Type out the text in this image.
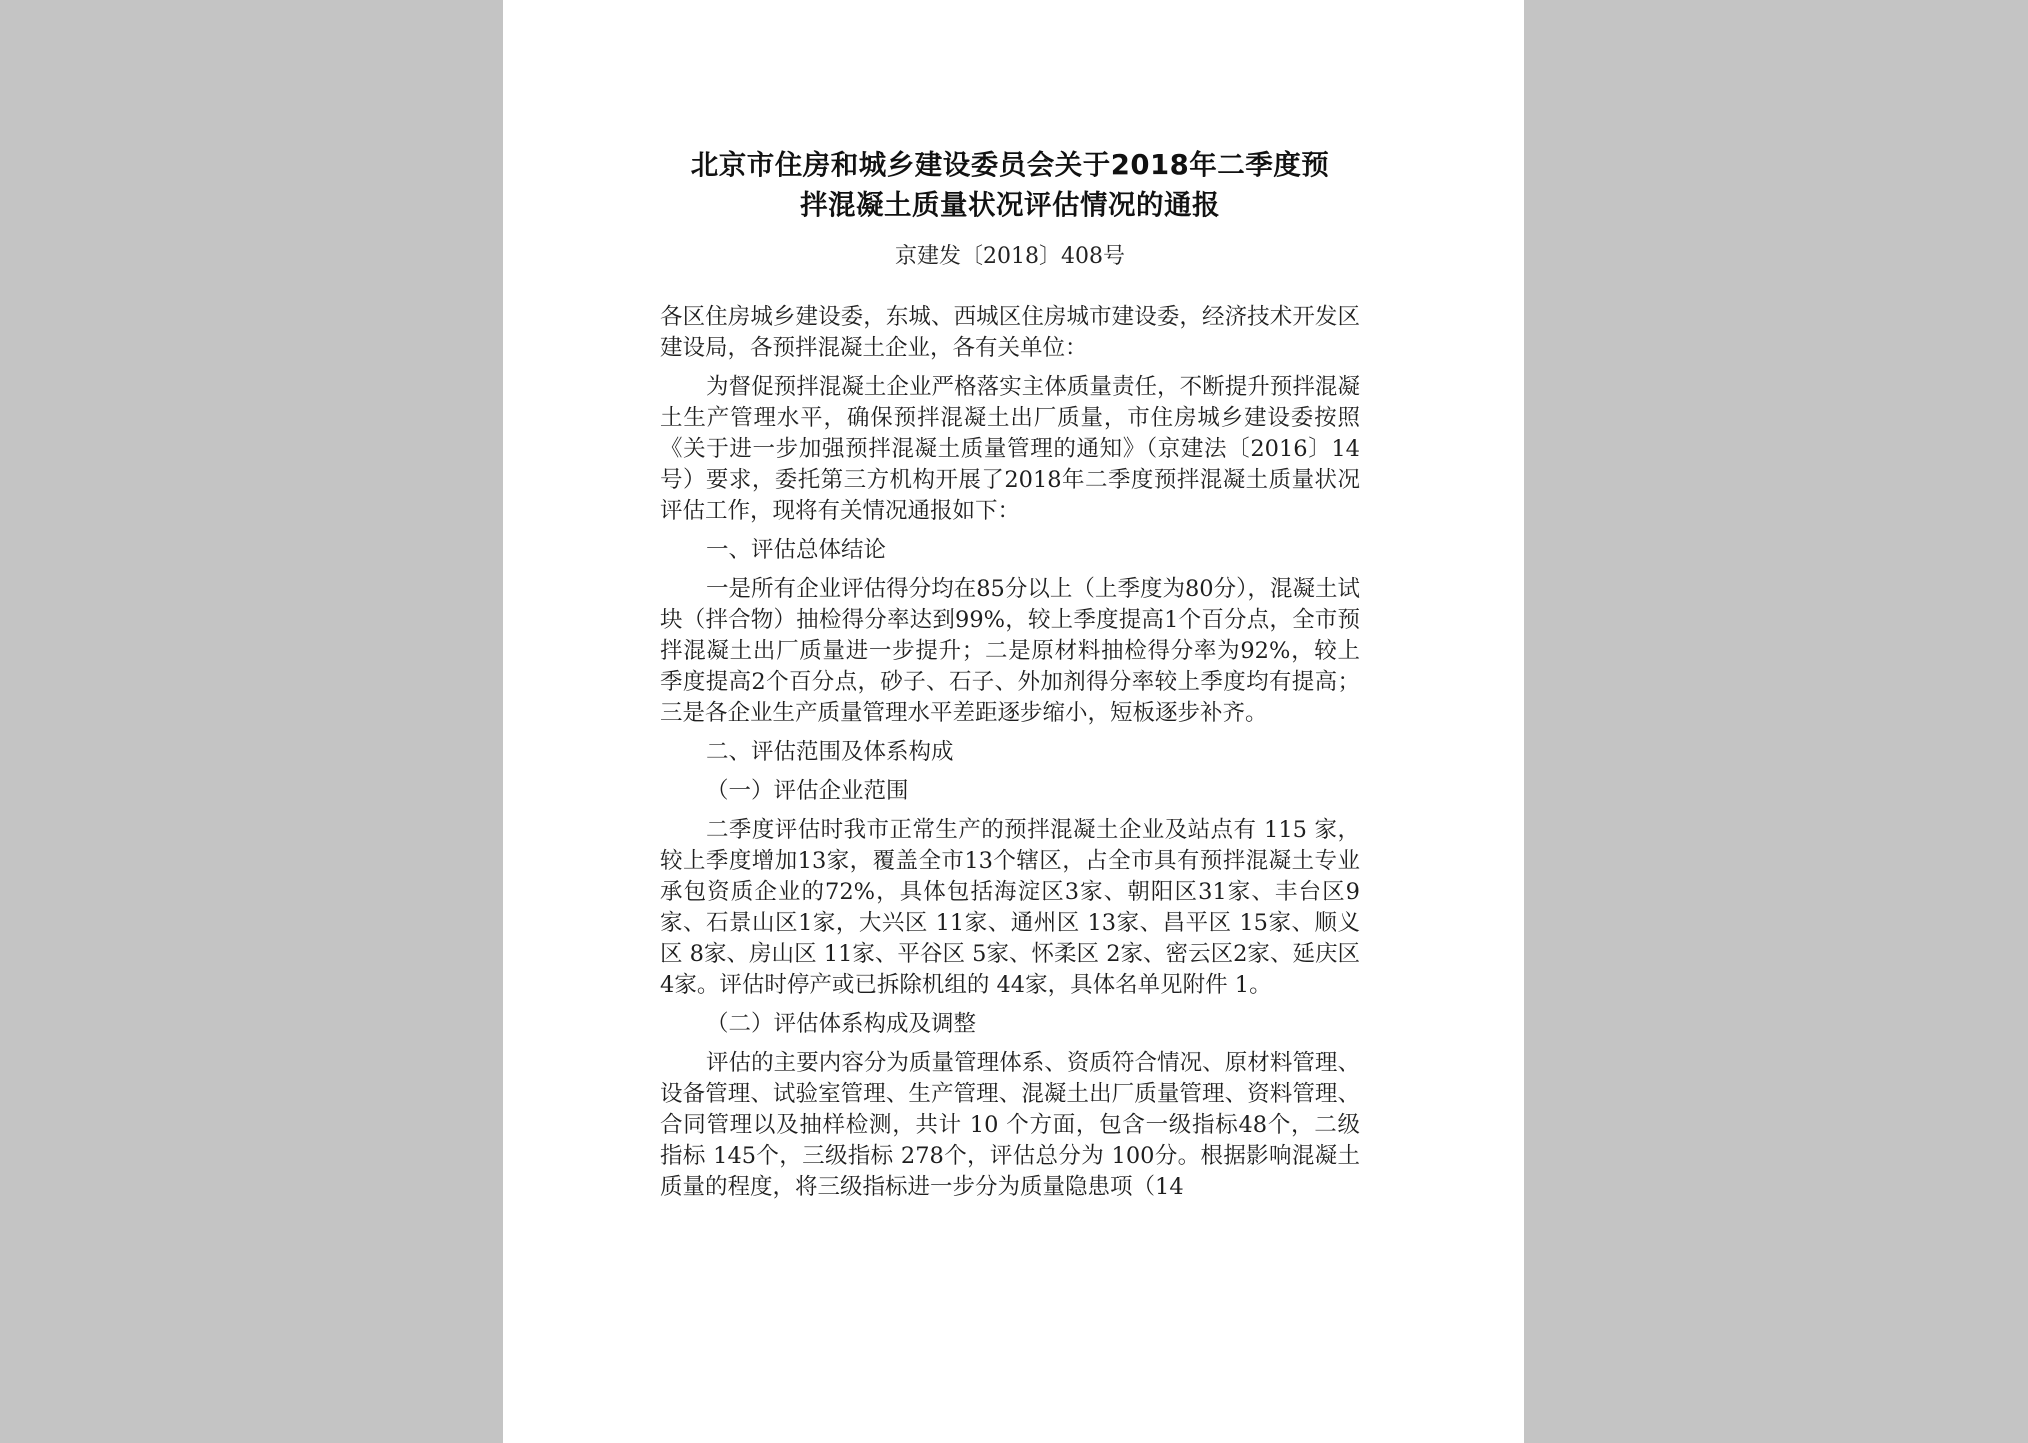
北京市住房和城乡建设委员会关于2018年二季度预
拌混凝土质量状况评估情况的通报
京建发〔2018〕408号

各区住房城乡建设委，东城、西城区住房城市建设委，经济技术开发区建设局，各预拌混凝土企业，各有关单位：

为督促预拌混凝土企业严格落实主体质量责任，不断提升预拌混凝土生产管理水平，确保预拌混凝土出厂质量，市住房城乡建设委按照《关于进一步加强预拌混凝土质量管理的通知》（京建法〔2016〕14号）要求，委托第三方机构开展了2018年二季度预拌混凝土质量状况评估工作，现将有关情况通报如下：

一、评估总体结论

一是所有企业评估得分均在85分以上（上季度为80分），混凝土试块（拌合物）抽检得分率达到99%，较上季度提高1个百分点，全市预拌混凝土出厂质量进一步提升；二是原材料抽检得分率为92%，较上季度提高2个百分点，砂子、石子、外加剂得分率较上季度均有提高；三是各企业生产质量管理水平差距逐步缩小，短板逐步补齐。

二、评估范围及体系构成

（一）评估企业范围

二季度评估时我市正常生产的预拌混凝土企业及站点有 115 家，较上季度增加13家，覆盖全市13个辖区，占全市具有预拌混凝土专业承包资质企业的72%，具体包括海淀区3家、朝阳区31家、丰台区9家、石景山区1家，大兴区 11家、通州区 13家、昌平区 15家、顺义区 8家、房山区 11家、平谷区 5家、怀柔区 2家、密云区2家、延庆区 4家。评估时停产或已拆除机组的 44家，具体名单见附件 1。

（二）评估体系构成及调整

评估的主要内容分为质量管理体系、资质符合情况、原材料管理、设备管理、试验室管理、生产管理、混凝土出厂质量管理、资料管理、合同管理以及抽样检测，共计 10 个方面，包含一级指标48个，二级指标 145个，三级指标 278个，评估总分为 100分。根据影响混凝土质量的程度，将三级指标进一步分为质量隐患项（14
